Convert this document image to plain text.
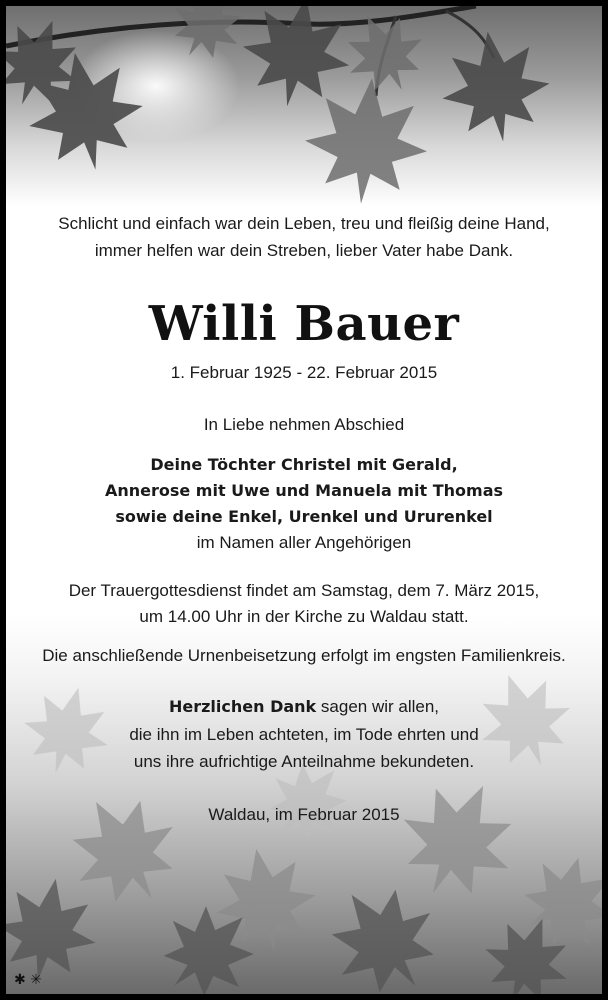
Schlicht und einfach war dein Leben, treu und fleißig deine Hand,
immer helfen war dein Streben, lieber Vater habe Dank.
Willi Bauer
1. Februar 1925 - 22. Februar 2015
In Liebe nehmen Abschied
Deine Töchter Christel mit Gerald,
Annerose mit Uwe und Manuela mit Thomas
sowie deine Enkel, Urenkel und Ururenkel
im Namen aller Angehörigen
Der Trauergottesdienst findet am Samstag, dem 7. März 2015,
um 14.00 Uhr in der Kirche zu Waldau statt.
Die anschließende Urnenbeisetzung erfolgt im engsten Familienkreis.
Herzlichen Dank sagen wir allen,
die ihn im Leben achteten, im Tode ehrten und
uns ihre aufrichtige Anteilnahme bekundeten.
Waldau, im Februar 2015
✱ ✳
